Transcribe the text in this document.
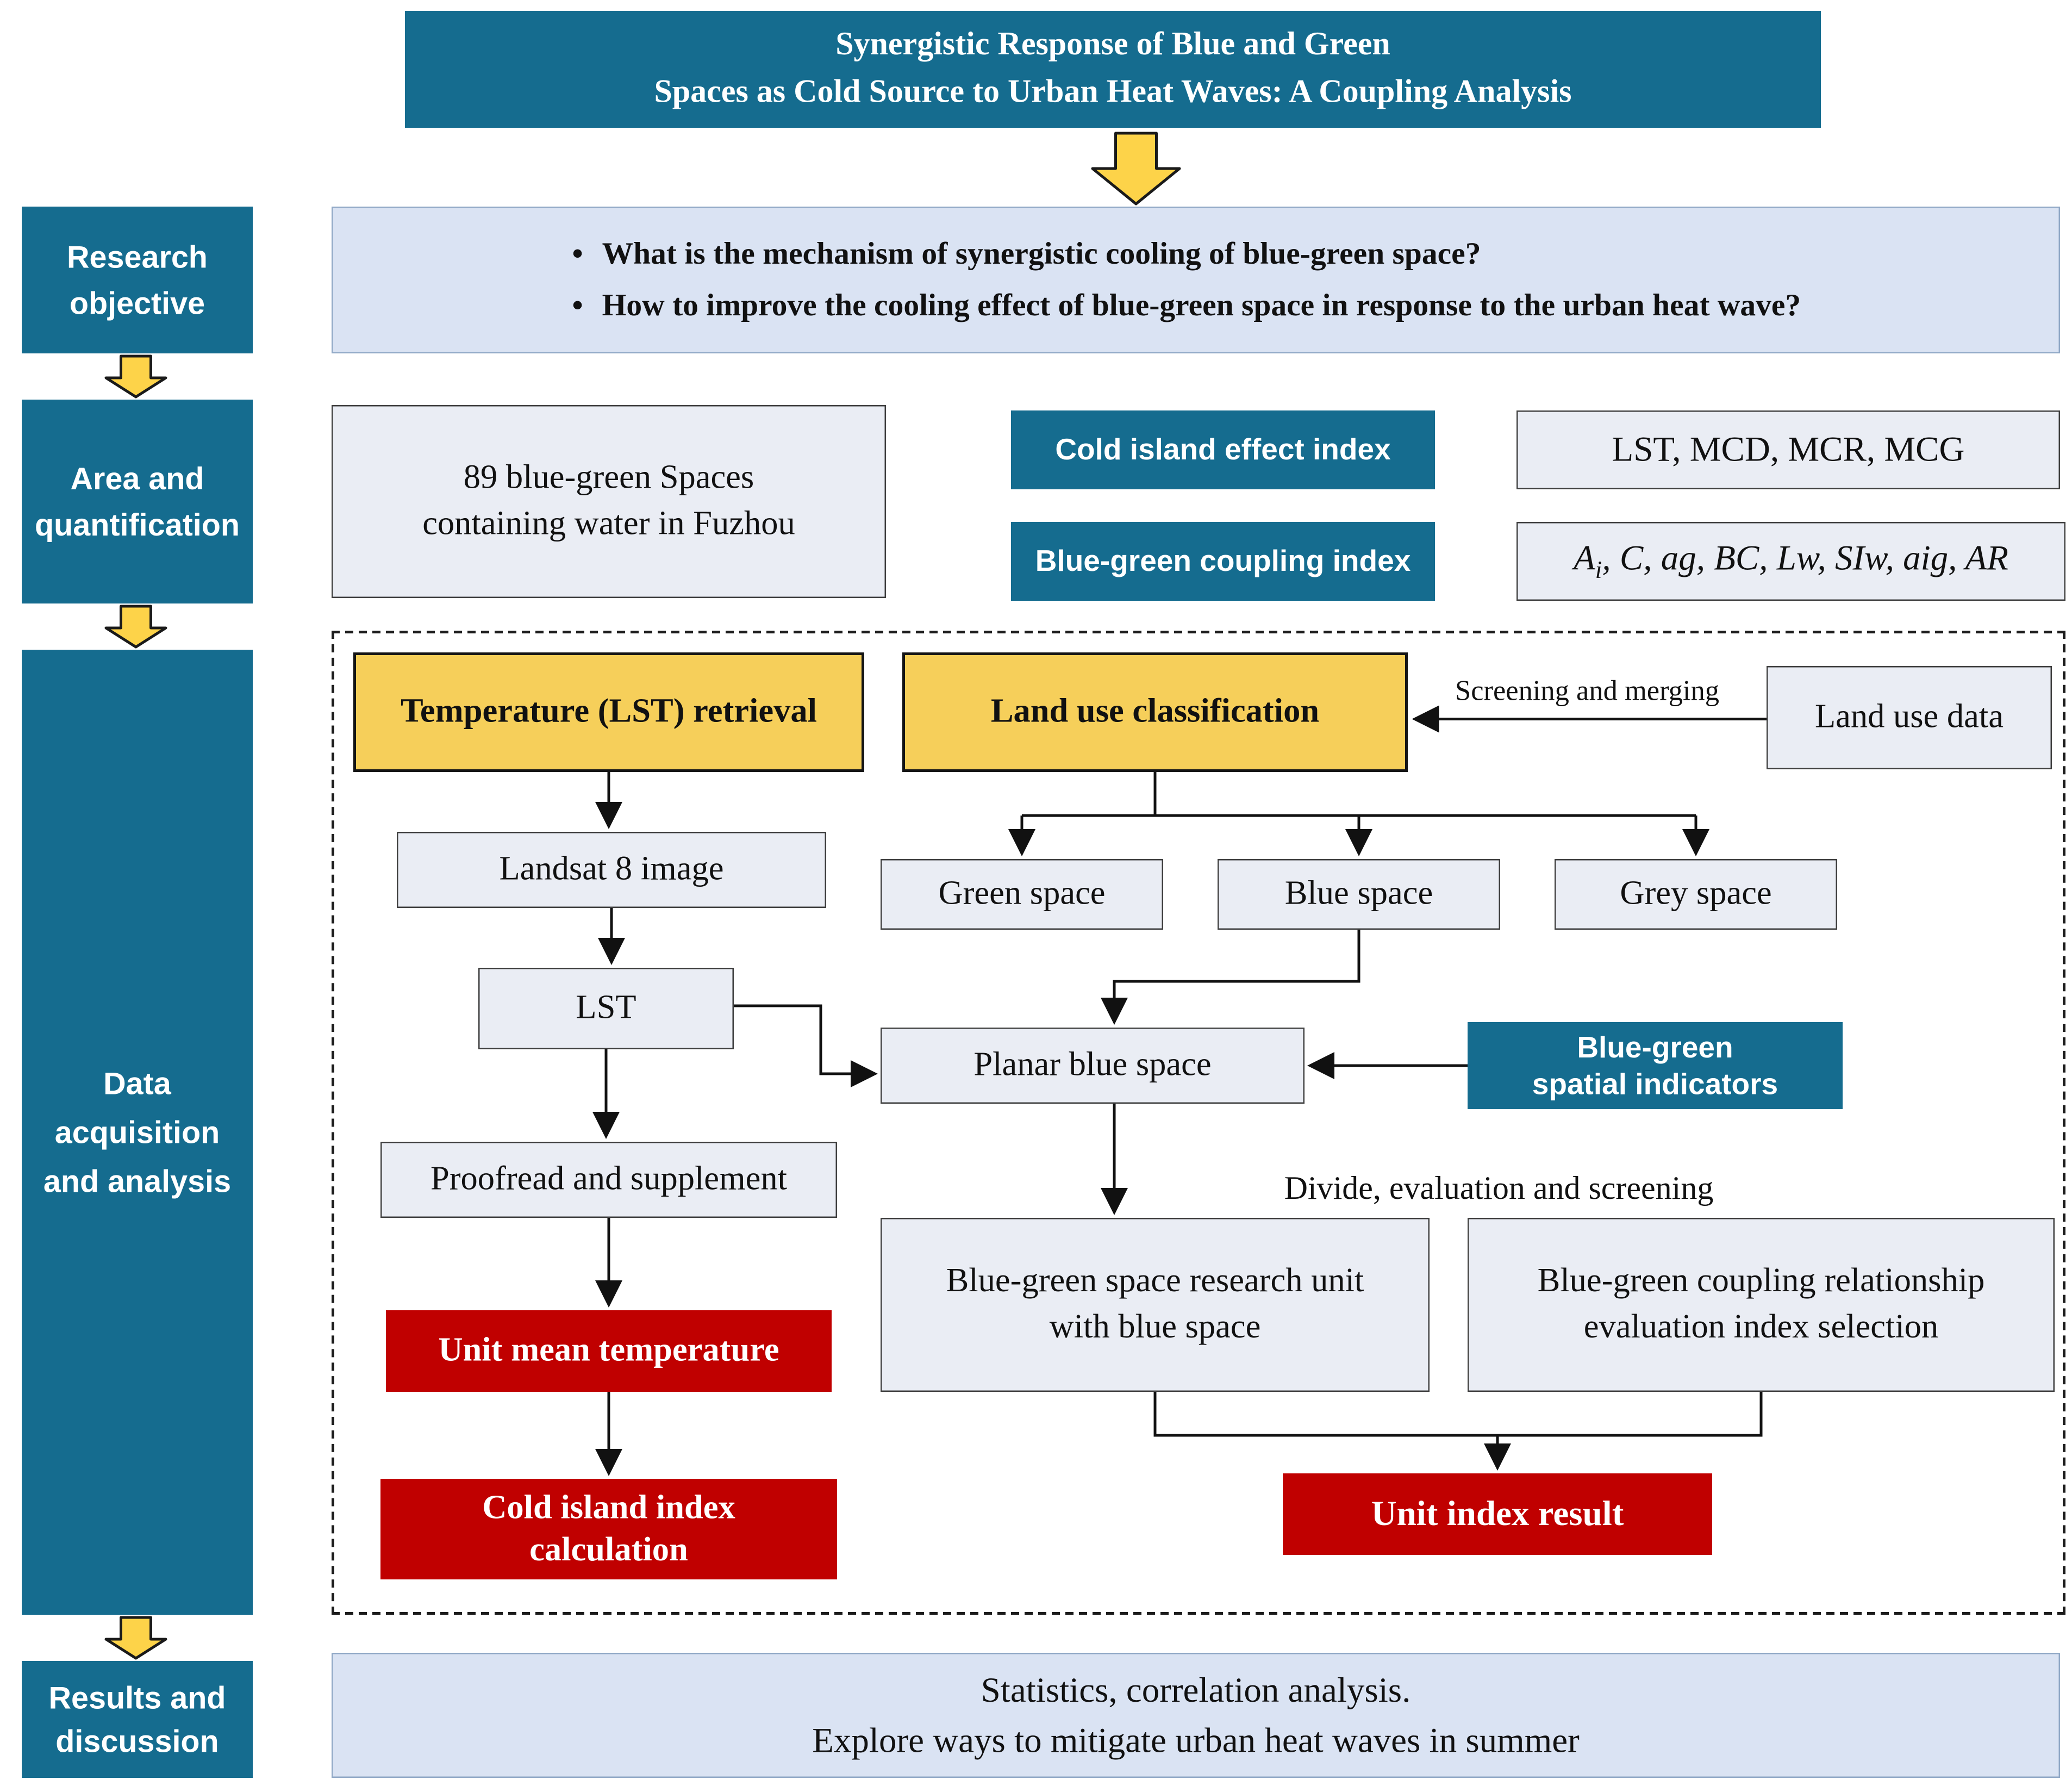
Synergistic Response of Blue and Green
Spaces as Cold Source to Urban Heat Waves: A Coupling Analysis
Research
objective
Area and
quantification
Data
acquisition
and analysis
Results and
discussion
• What is the mechanism of synergistic cooling of blue-green space?
• How to improve the cooling effect of blue-green space in response to the urban heat wave?
89 blue-green Spaces
containing water in Fuzhou
Cold island effect index	LST, MCD, MCR, MCG
Blue-green coupling index	$A_i$, C, ag, BC, Lw, SIw, aig, AR
Temperature (LST) retrieval	Land use classification
Screening and merging
Land use data
Landsat 8 image
LST
Proofread and supplement
Unit mean temperature
Cold island index
calculation
Green space	Blue space	Grey space
Planar blue space	Blue-green
spatial indicators
Divide, evaluation and screening
Blue-green space research unit
with blue space
Blue-green coupling relationship
evaluation index selection
Unit index result
Statistics, correlation analysis.
Explore ways to mitigate urban heat waves in summer
